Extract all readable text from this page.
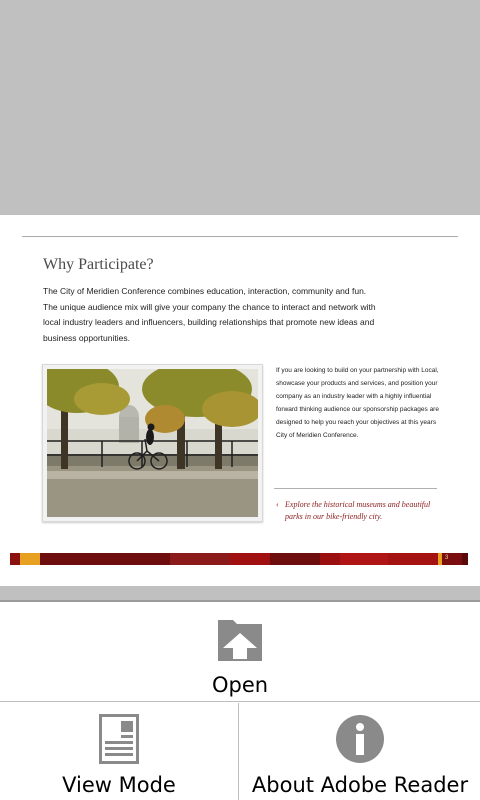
Why Participate?
The City of Meridien Conference combines education, interaction, community and fun. The unique audience mix will give your company the chance to interact and network with local industry leaders and influencers, building relationships that promote new ideas and business opportunities.
If you are looking to build on your partnership with Local, showcase your products and services, and position your company as an industry leader with a highly influential forward thinking audience our sponsorship packages are designed to help you reach your objectives at this years City of Meridien Conference.
‹ Explore the historical museums and beautiful parks in our bike-friendly city.
3
Open
View Mode	About Adobe Reader
